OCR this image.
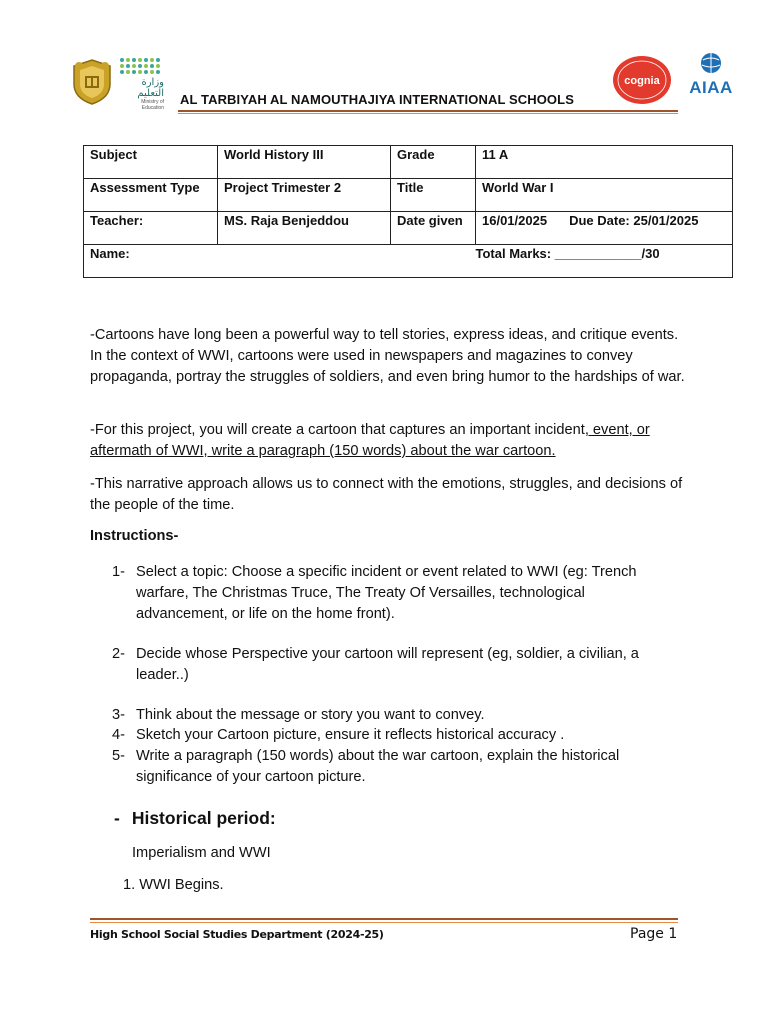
وزارة التعليم
Ministry of Education
AL TARBIYAH AL NAMOUTHAJIYA INTERNATIONAL SCHOOLS
cognia AIAA
Subject	World History III	Grade	11 A
Assessment Type	Project Trimester 2	Title	World War I
Teacher:	MS. Raja Benjeddou	Date given	16/01/2025 Due Date: 25/01/2025
Name:			Total Marks: ____________/30
-Cartoons have long been a powerful way to tell stories, express ideas, and critique events. In the context of WWI, cartoons were used in newspapers and magazines to convey propaganda, portray the struggles of soldiers, and even bring humor to the hardships of war.
-For this project, you will create a cartoon that captures an important incident, event, or aftermath of WWI, write a paragraph (150 words) about the war cartoon.
-This narrative approach allows us to connect with the emotions, struggles, and decisions of the people of the time.
Instructions-
1- Select a topic: Choose a specific incident or event related to WWI (eg: Trench warfare, The Christmas Truce, The Treaty Of Versailles, technological advancement, or life on the home front).
2- Decide whose Perspective your cartoon will represent (eg, soldier, a civilian, a leader..)
3- Think about the message or story you want to convey.
4- Sketch your Cartoon picture, ensure it reflects historical accuracy .
5- Write a paragraph (150 words) about the war cartoon, explain the historical significance of your cartoon picture.
- Historical period:
Imperialism and WWI
1. WWI Begins.
High School Social Studies Department (2024-25)	Page 1
